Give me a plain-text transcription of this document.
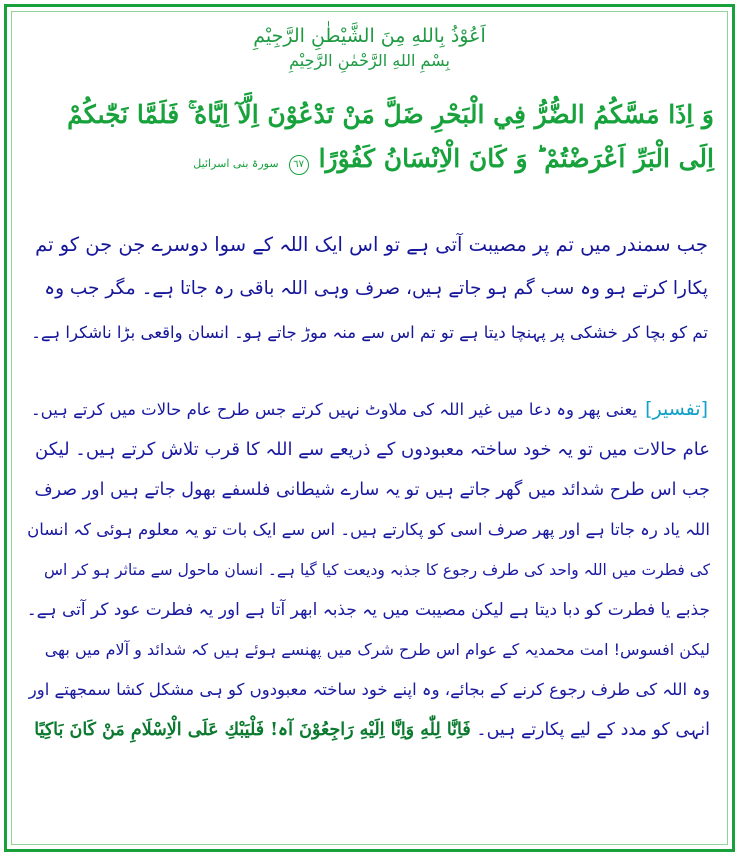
اَعُوْذُ بِاللهِ مِنَ الشَّيْطٰنِ الرَّجِيْمِ
بِسْمِ اللهِ الرَّحْمٰنِ الرَّحِيْمِ
وَ اِذَا مَسَّكُمُ الضُّرُّ فِي الْبَحْرِ ضَلَّ مَنْ تَدْعُوْنَ اِلَّآ اِيَّاهُ ۚ فَلَمَّا نَجّٰىكُمْ
اِلَى الْبَرِّ اَعْرَضْتُمْ ؕ وَ كَانَ الْاِنْسَانُ كَفُوْرًا
٦٧
سورۃ بنی اسرائیل
جب سمندر میں تم پر مصیبت آتی ہے تو اس ایک اللہ کے سوا دوسرے جن جن کو تم
پکارا کرتے ہو وہ سب گم ہو جاتے ہیں، صرف وہی اللہ باقی رہ جاتا ہے۔ مگر جب وہ
تم کو بچا کر خشکی پر پہنچا دیتا ہے تو تم اس سے منہ موڑ جاتے ہو۔ انسان واقعی بڑا ناشکرا ہے۔
[تفسیر]یعنی پھر وہ دعا میں غیر اللہ کی ملاوٹ نہیں کرتے جس طرح عام حالات میں کرتے ہیں۔
عام حالات میں تو یہ خود ساختہ معبودوں کے ذریعے سے اللہ کا قرب تلاش کرتے ہیں۔ لیکن
جب اس طرح شدائد میں گھر جاتے ہیں تو یہ سارے شیطانی فلسفے بھول جاتے ہیں اور صرف
اللہ یاد رہ جاتا ہے اور پھر صرف اسی کو پکارتے ہیں۔ اس سے ایک بات تو یہ معلوم ہوئی کہ انسان
کی فطرت میں اللہ واحد کی طرف رجوع کا جذبہ ودیعت کیا گیا ہے۔ انسان ماحول سے متاثر ہو کر اس
جذبے یا فطرت کو دبا دیتا ہے لیکن مصیبت میں یہ جذبہ ابھر آتا ہے اور یہ فطرت عود کر آتی ہے۔
لیکن افسوس! امت محمدیہ کے عوام اس طرح شرک میں پھنسے ہوئے ہیں کہ شدائد و آلام میں بھی
وہ اللہ کی طرف رجوع کرنے کے بجائے، وہ اپنے خود ساختہ معبودوں کو ہی مشکل کشا سمجھتے اور
انہی کو مدد کے لیے پکارتے ہیں۔ فَاِنَّا لِلّٰهِ وَاِنَّا اِلَيْهِ رَاجِعُوْنَ آہ! فَلْيَبْكِ عَلَى الْاِسْلَامِ مَنْ كَانَ بَاكِيًا
